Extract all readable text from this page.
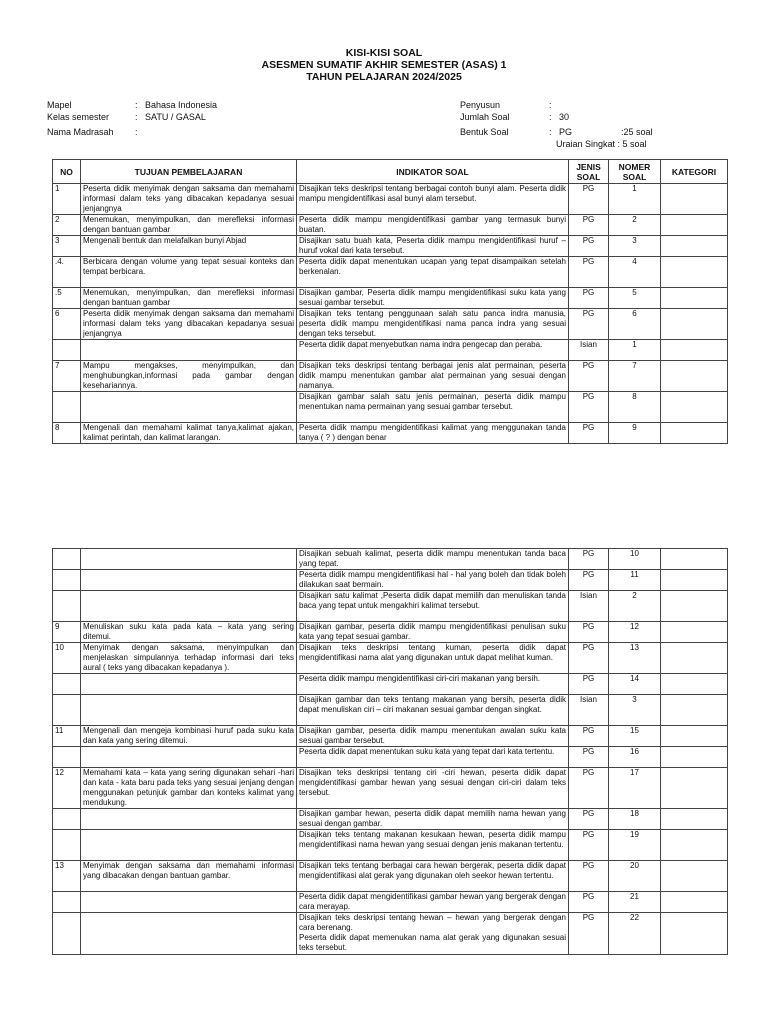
KISI-KISI SOAL
ASESMEN SUMATIF AKHIR SEMESTER (ASAS) 1
TAHUN PELAJARAN 2024/2025
Mapel	: Bahasa Indonesia
Kelas semester	: SATU / GASAL
Nama Madrasah :
Penyusun	:
Jumlah Soal	: 30
Bentuk Soal	: PG	:25 soal
Uraian Singkat : 5 soal
NO	TUJUAN PEMBELAJARAN	INDIKATOR SOAL	JENIS SOAL	NOMER SOAL	KATEGORI
1	Peserta didik menyimak dengan saksama dan memahami informasi dalam teks yang dibacakan kepadanya sesuai jenjangnya	Disajikan teks deskripsi tentang berbagai contoh bunyi alam. Peserta didik mampu mengidentifikasi asal bunyi alam tersebut.	PG	1	
2	Menemukan, menyimpulkan, dan merefleksi informasi dengan bantuan gambar	Peserta didik mampu mengidentifikasi gambar yang termasuk bunyi buatan.	PG	2	
3	Mengenali bentuk dan melafalkan bunyi Abjad	Disajikan satu buah kata, Peserta didik mampu mengidentifikasi huruf – huruf vokal dari kata tersebut.	PG	3	
.4.	Berbicara dengan volume yang tepat sesuai konteks dan tempat berbicara.	Peserta didik dapat menentukan ucapan yang tepat disampaikan setelah berkenalan.	PG	4	
.5	Menemukan, menyimpulkan, dan merefleksi informasi dengan bantuan gambar	Disajikan gambar, Peserta didik mampu mengidentifikasi suku kata yang sesuai gambar tersebut.	PG	5	
6	Peserta didik menyimak dengan saksama dan memahami informasi dalam teks yang dibacakan kepadanya sesuai jenjangnya	Disajikan teks tentang penggunaan salah satu panca indra manusia, peserta didik mampu mengidentifikasi nama panca indra yang sesuai dengan teks tersebut.	PG	6	
		Peserta didik dapat menyebutkan nama indra pengecap dan peraba.	Isian	1	
7	Mampu mengakses, menyimpulkan, dan menghubungkan,informasi pada gambar dengan kesehariannya.	Disajikan teks deskripsi tentang berbagai jenis alat permainan, peserta didik mampu menentukan gambar alat permainan yang sesuai dengan namanya.	PG	7	
		Disajikan gambar salah satu jenis permainan, peserta didik mampu menentukan nama permainan yang sesuai gambar tersebut.	PG	8	
8	Mengenali dan memahami kalimat tanya,kalimat ajakan, kalimat perintah, dan kalimat larangan.	Peserta didik mampu mengidentifikasi kalimat yang menggunakan tanda tanya ( ? ) dengan benar	PG	9	
		Disajikan sebuah kalimat, peserta didik mampu menentukan tanda baca yang tepat.	PG	10	
		Peserta didik mampu mengidentifikasi hal - hal yang boleh dan tidak boleh dilakukan saat bermain.	PG	11	
		Disajikan satu kalimat ,Peserta didik dapat memilih dan menuliskan tanda baca yang tepat untuk mengakhiri kalimat tersebut.	Isian	2	
9	Menuliskan suku kata pada kata – kata yang sering ditemui.	Disajikan gambar, peserta didik mampu mengidentifikasi penulisan suku kata yang tepat sesuai gambar.	PG	12	
10	Menyimak dengan saksama, menyimpulkan dan menjelaskan simpulannya terhadap informasi dari teks aural ( teks yang dibacakan kepadanya ).	Disajikan teks deskripsi tentang kuman, peserta didik dapat mengidentifikasi nama alat yang digunakan untuk dapat melihat kuman.	PG	13	
		Peserta didik mampu mengidentifikasi ciri-ciri makanan yang bersih.	PG	14	
		Disajikan gambar dan teks tentang makanan yang bersih, peserta didik dapat menuliskan ciri – ciri makanan sesuai gambar dengan singkat.	Isian	3	
11	Mengenali dan mengeja kombinasi huruf pada suku kata dan kata yang sering ditemui.	Disajikan gambar, peserta didik mampu menentukan awalan suku kata sesuai gambar tersebut.	PG	15	
		Peserta didik dapat menentukan suku kata yang tepat dari kata tertentu.	PG	16	
12	Memahami kata – kata yang sering digunakan sehari -hari dan kata - kata baru pada teks yang sesuai jenjang dengan menggunakan petunjuk gambar dan konteks kalimat yang mendukung.	Disajikan teks deskripsi tentang ciri -ciri hewan, peserta didik dapat mengidentifikasi gambar hewan yang sesuai dengan ciri-ciri dalam teks tersebut.	PG	17	
		Disajikan gambar hewan, peserta didik dapat memilih nama hewan yang sesuai dengan gambar.	PG	18	
		Disajikan teks tentang makanan kesukaan hewan, peserta didik mampu mengidentifikasi nama hewan yang sesuai dengan jenis makanan tertentu.	PG	19	
13	Menyimak dengan saksama dan memahami informasi yang dibacakan dengan bantuan gambar.	Disajikan teks tentang berbagai cara hewan bergerak, peserta didik dapat mengidentifikasi alat gerak yang digunakan oleh seekor hewan tertentu.	PG	20	
		Peserta didik dapat mengidentifikasi gambar hewan yang bergerak dengan cara merayap.	PG	21	
		Disajikan teks deskripsi tentang hewan – hewan yang bergerak dengan cara berenang.
Peserta didik dapat memenukan nama alat gerak yang digunakan sesuai teks tersebut.	PG	22	
